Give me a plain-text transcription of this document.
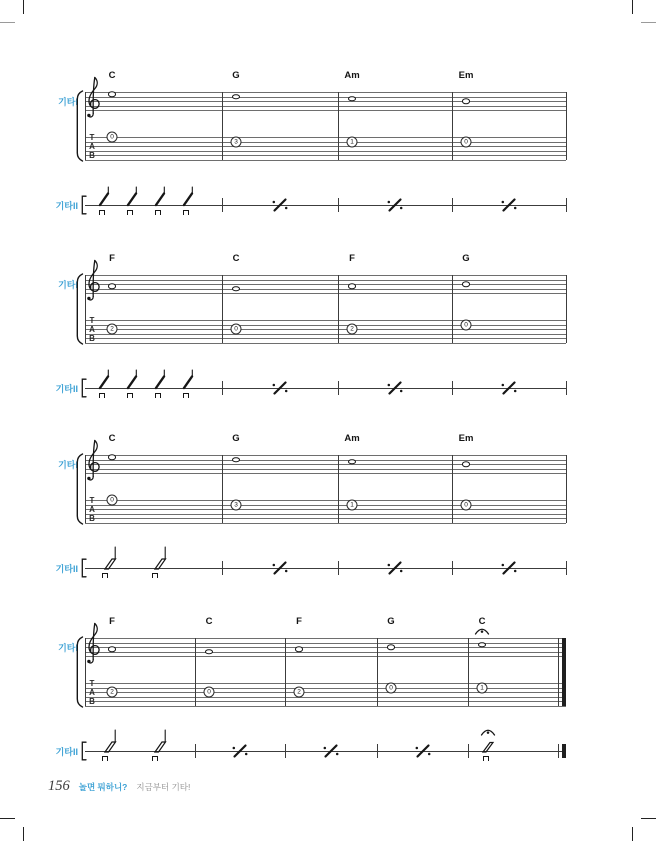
기타I
기타II
T
A
B
C
0
G
3
Am
1
Em
0
기타I
기타II
T
A
B
F
2
C
0
F
2
G
0
기타I
기타II
T
A
B
C
0
G
3
Am
1
Em
0
기타I
기타II
T
A
B
F
2
C
0
F
2
G
0
C
1
156 놀면 뭐하니? 지금부터 기타!
